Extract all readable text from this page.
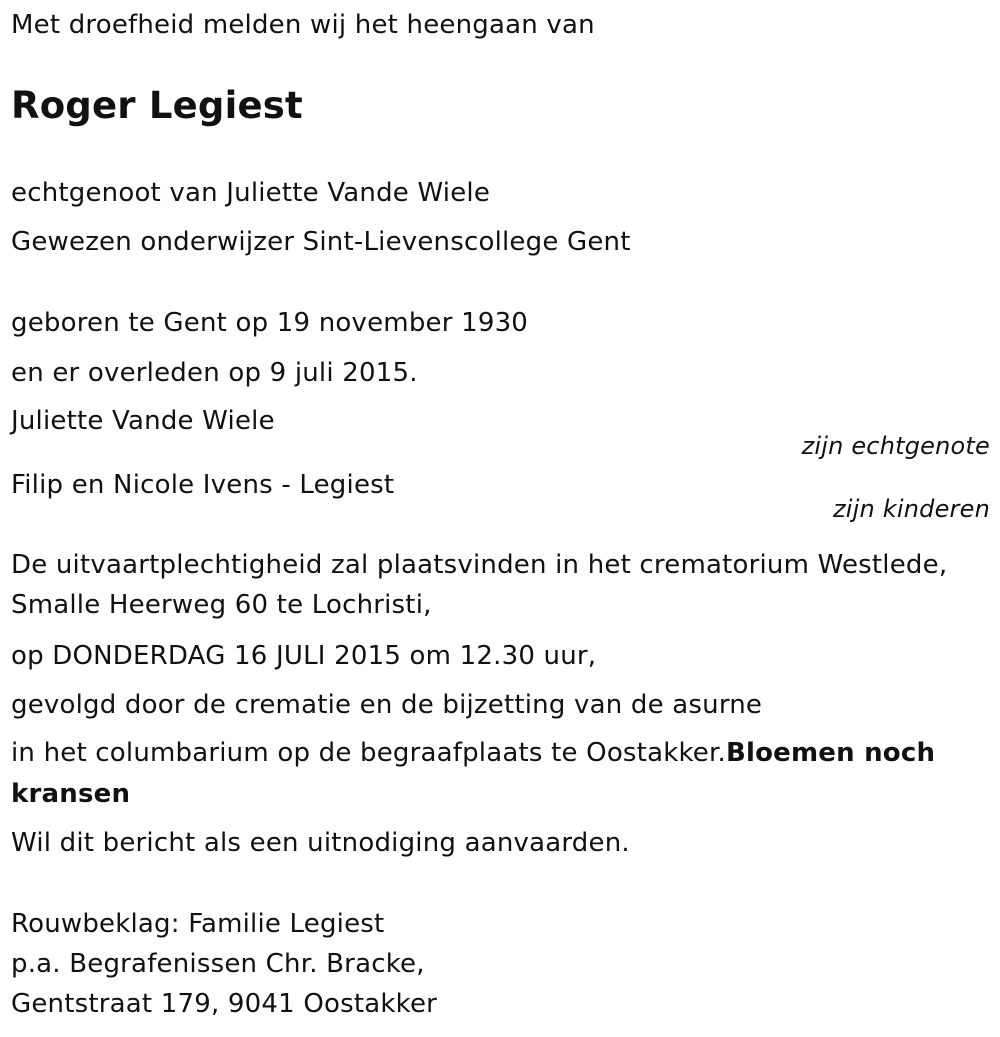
Met droefheid melden wij het heengaan van
Roger Legiest
echtgenoot van Juliette Vande Wiele
Gewezen onderwijzer Sint-Lievenscollege Gent
geboren te Gent op 19 november 1930
en er overleden op 9 juli 2015.
Juliette Vande Wiele
zijn echtgenote
Filip en Nicole Ivens - Legiest
zijn kinderen
De uitvaartplechtigheid zal plaatsvinden in het crematorium Westlede,
Smalle Heerweg 60 te Lochristi,
op DONDERDAG 16 JULI 2015 om 12.30 uur,
gevolgd door de crematie en de bijzetting van de asurne
in het columbarium op de begraafplaats te Oostakker.Bloemen noch
kransen
Wil dit bericht als een uitnodiging aanvaarden.
Rouwbeklag: Familie Legiest
p.a. Begrafenissen Chr. Bracke,
Gentstraat 179, 9041 Oostakker
